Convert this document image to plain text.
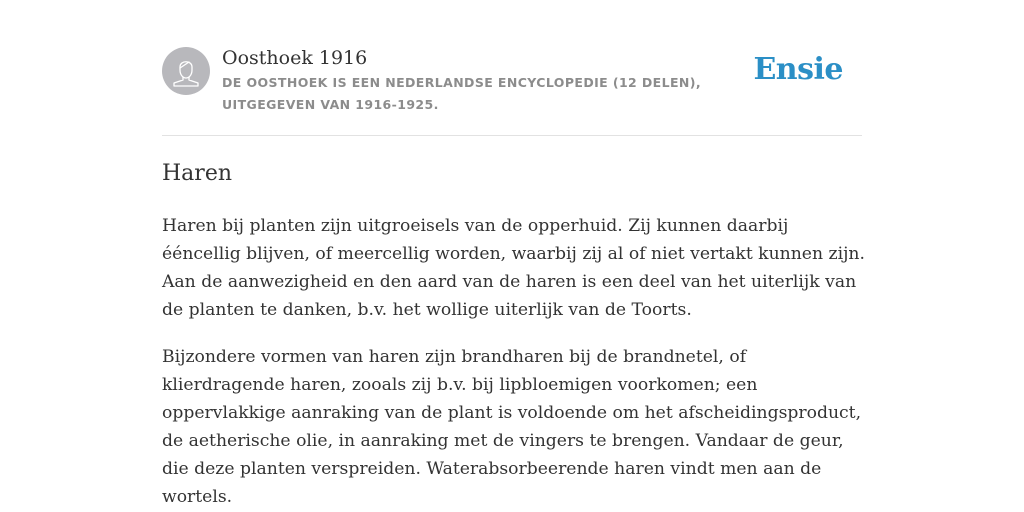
Oosthoek 1916
DE OOSTHOEK IS EEN NEDERLANDSE ENCYCLOPEDIE (12 DELEN), UITGEGEVEN VAN 1916-1925.
Ensie
Haren

Haren bij planten zijn uitgroeisels van de opperhuid. Zij kunnen daarbij ééncellig blijven, of meercellig worden, waarbij zij al of niet vertakt kunnen zijn. Aan de aanwezigheid en den aard van de haren is een deel van het uiterlijk van de planten te danken, b.v. het wollige uiterlijk van de Toorts.

Bijzondere vormen van haren zijn brandharen bij de brandnetel, of klierdragende haren, zooals zij b.v. bij lipbloemigen voorkomen; een oppervlakkige aanraking van de plant is voldoende om het afscheidingsproduct, de aetherische olie, in aanraking met de vingers te brengen. Vandaar de geur, die deze planten verspreiden. Waterabsorbeerende haren vindt men aan de wortels.
